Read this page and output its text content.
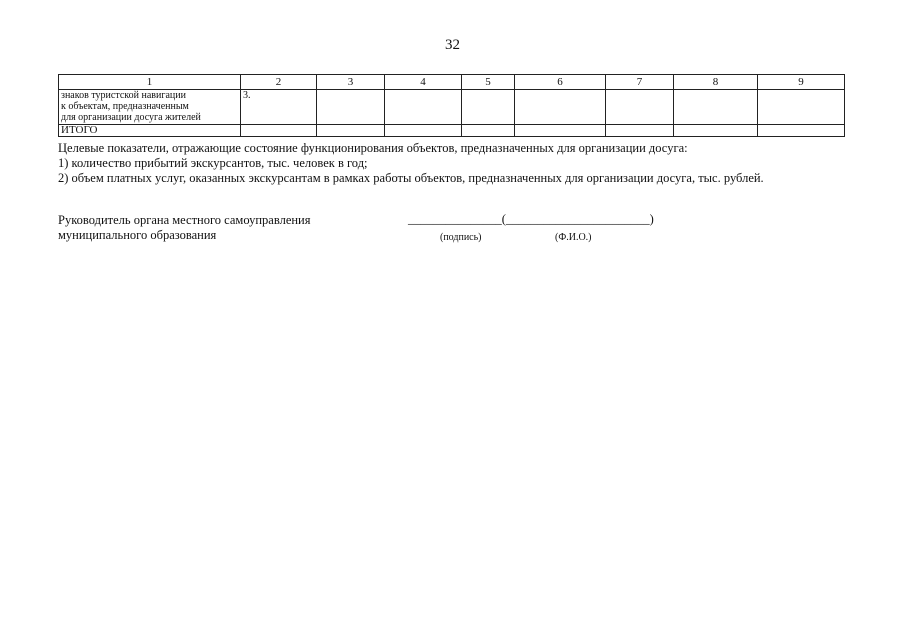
32
1	2	3	4	5	6	7	8	9

знаков туристской навигации
к объектам, предназначенным
для организации досуга жителей	3.							
ИТОГО								
Целевые показатели, отражающие состояние функционирования объектов, предназначенных для организации досуга:
1) количество прибытий экскурсантов, тыс. человек в год;
2) объем платных услуг, оказанных экскурсантам в рамках работы объектов, предназначенных для организации досуга, тыс. рублей.
Руководитель органа местного самоуправления
муниципального образования
_______________(_______________________)
(подпись)	(Ф.И.О.)
